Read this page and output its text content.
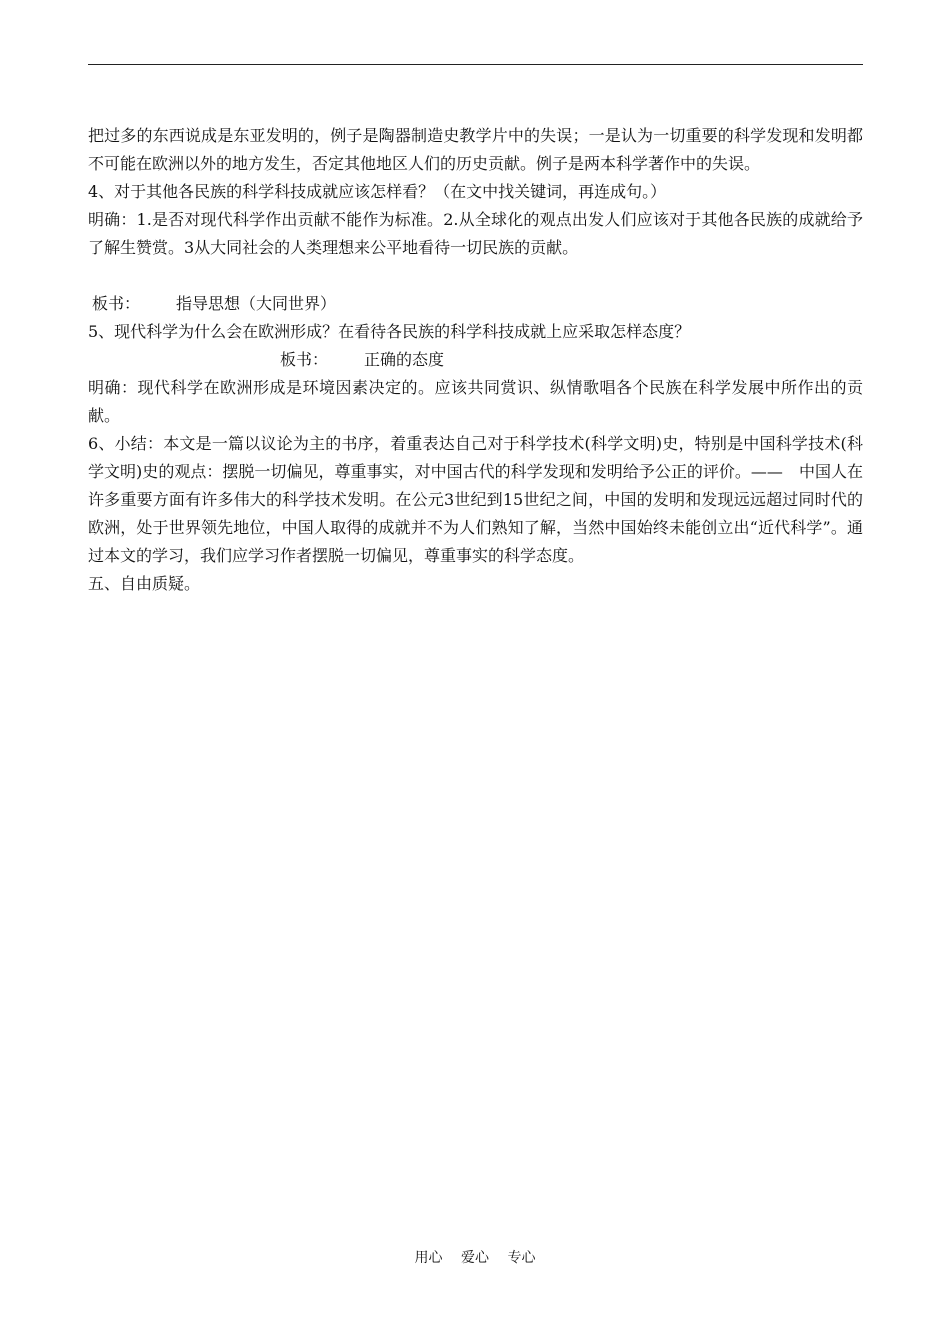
把过多的东西说成是东亚发明的，例子是陶器制造史教学片中的失误；一是认为一切重要的科学发现和发明都不可能在欧洲以外的地方发生，否定其他地区人们的历史贡献。例子是两本科学著作中的失误。

4、对于其他各民族的科学科技成就应该怎样看？（在文中找关键词，再连成句。）

明确：1.是否对现代科学作出贡献不能作为标准。2.从全球化的观点出发人们应该对于其他各民族的成就给予了解生赞赏。3从大同社会的人类理想来公平地看待一切民族的贡献。

板书： 指导思想（大同世界）

5、现代科学为什么会在欧洲形成？在看待各民族的科学科技成就上应采取怎样态度？

板书： 正确的态度

明确：现代科学在欧洲形成是环境因素决定的。应该共同赏识、纵情歌唱各个民族在科学发展中所作出的贡献。

6、小结：本文是一篇以议论为主的书序，着重表达自己对于科学技术(科学文明)史，特别是中国科学技术(科学文明)史的观点：摆脱一切偏见，尊重事实，对中国古代的科学发现和发明给予公正的评价。——　中国人在许多重要方面有许多伟大的科学技术发明。在公元3世纪到15世纪之间，中国的发明和发现远远超过同时代的欧洲，处于世界领先地位，中国人取得的成就并不为人们熟知了解，当然中国始终未能创立出“近代科学”。通过本文的学习，我们应学习作者摆脱一切偏见，尊重事实的科学态度。

五、自由质疑。

用心 爱心 专心
